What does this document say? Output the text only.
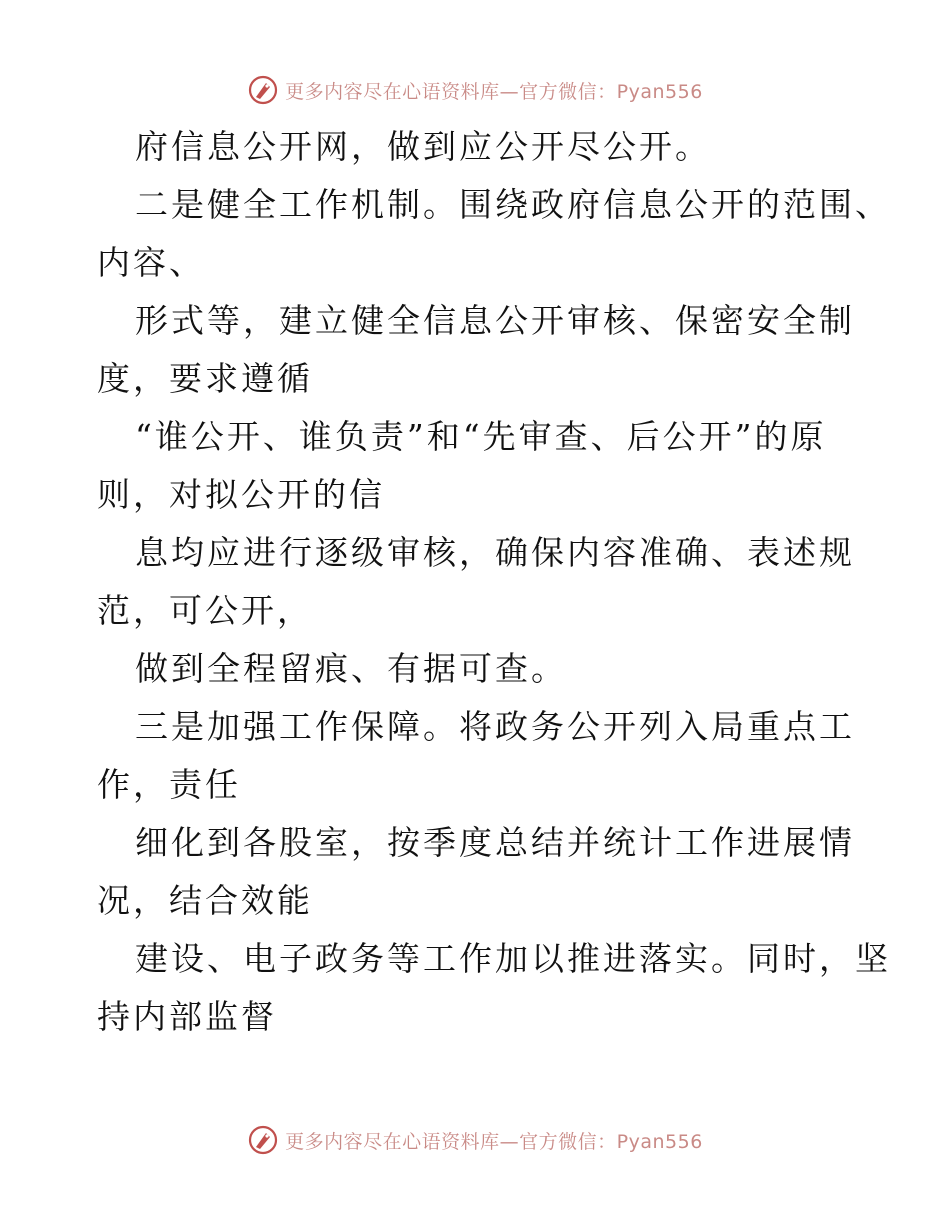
更多内容尽在心语资料库—官方微信：Pyan556
府信息公开网，做到应公开尽公开。
二是健全工作机制。围绕政府信息公开的范围、
内容、
形式等，建立健全信息公开审核、保密安全制
度，要求遵循
“谁公开、谁负责”和“先审查、后公开”的原
则，对拟公开的信
息均应进行逐级审核，确保内容准确、表述规
范，可公开，
做到全程留痕、有据可查。
三是加强工作保障。将政务公开列入局重点工
作，责任
细化到各股室，按季度总结并统计工作进展情
况，结合效能
建设、电子政务等工作加以推进落实。同时，坚
持内部监督
更多内容尽在心语资料库—官方微信：Pyan556
